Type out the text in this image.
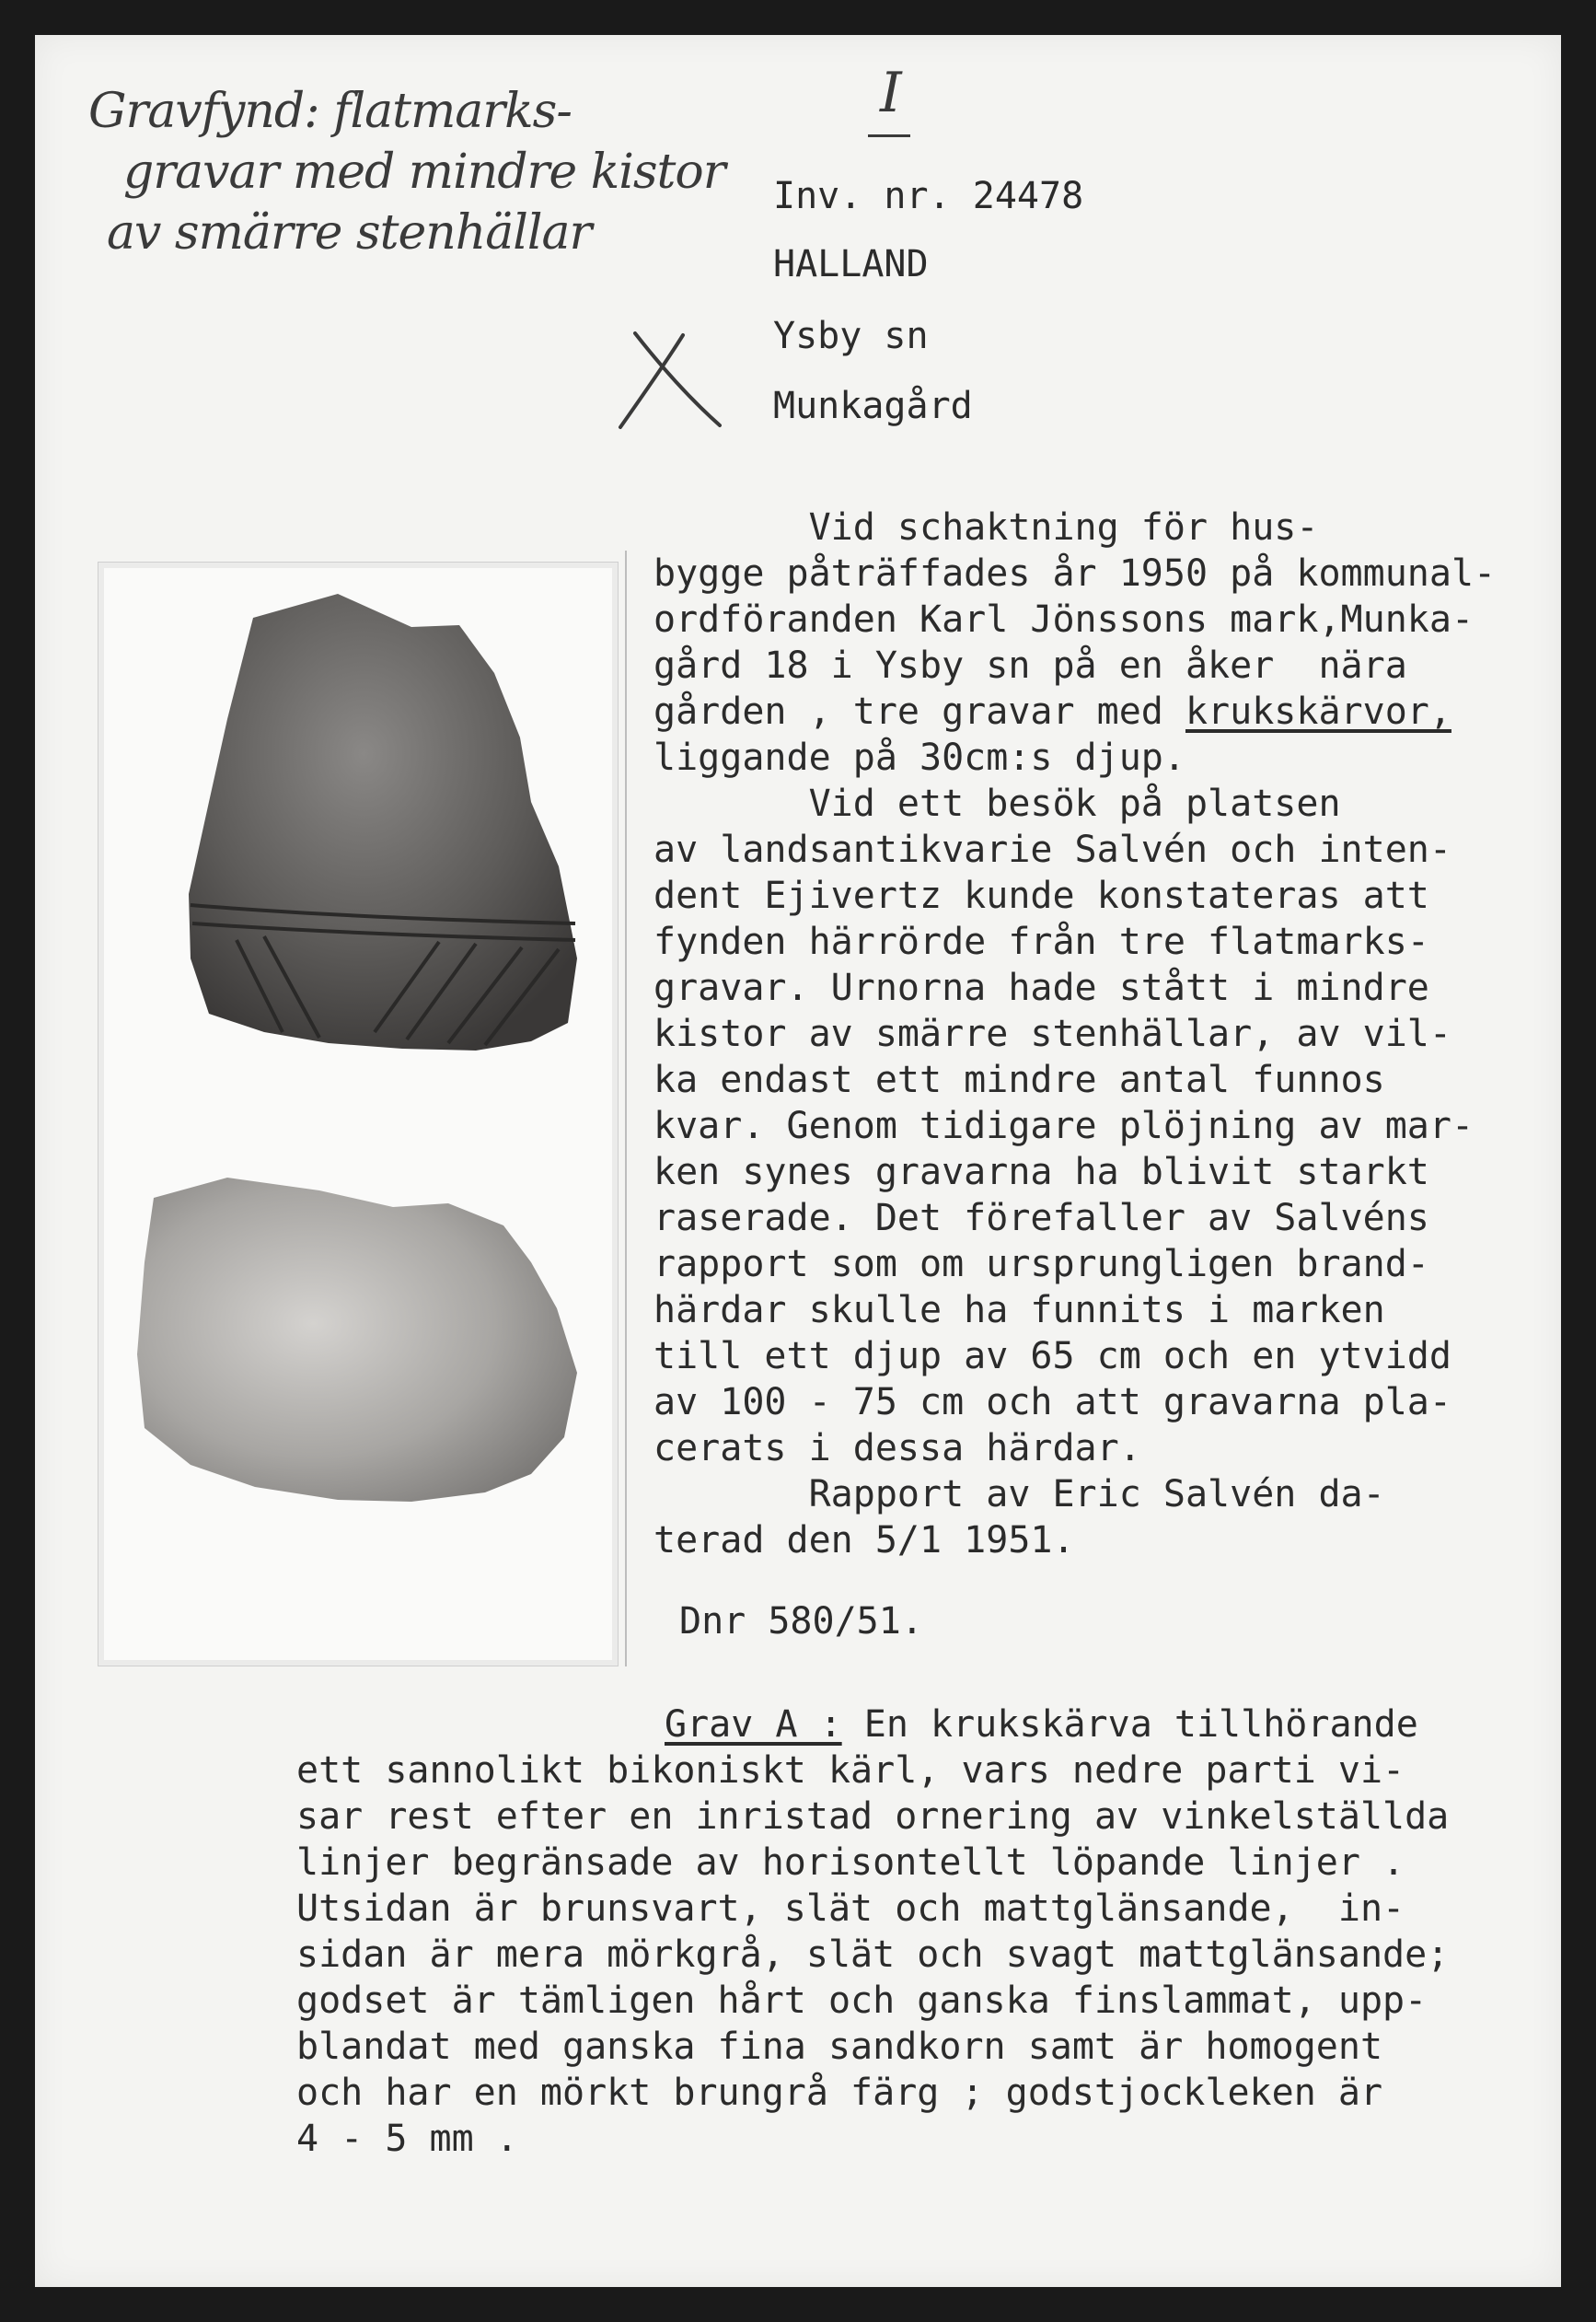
Gravfynd: flatmarks-
gravar med mindre kistor
av smärre stenhällar
I
Inv. nr. 24478
HALLAND
Ysby sn
Munkagård
Vid schaktning för hus-
bygge påträffades år 1950 på kommunal-
ordföranden Karl Jönssons mark,Munka-
gård 18 i Ysby sn på en åker  nära
gården , tre gravar med krukskärvor,
liggande på 30cm:s djup.
Vid ett besök på platsen
av landsantikvarie Salvén och inten-
dent Ejivertz kunde konstateras att
fynden härrörde från tre flatmarks-
gravar. Urnorna hade stått i mindre
kistor av smärre stenhällar, av vil-
ka endast ett mindre antal funnos
kvar. Genom tidigare plöjning av mar-
ken synes gravarna ha blivit starkt
raserade. Det förefaller av Salvéns
rapport som om ursprungligen brand-
härdar skulle ha funnits i marken
till ett djup av 65 cm och en ytvidd
av 100 - 75 cm och att gravarna pla-
cerats i dessa härdar.
Rapport av Eric Salvén da-
terad den 5/1 1951.
Dnr 580/51.
Grav A : En krukskärva tillhörande
ett sannolikt bikoniskt kärl, vars nedre parti vi-
sar rest efter en inristad ornering av vinkelställda
linjer begränsade av horisontellt löpande linjer .
Utsidan är brunsvart, slät och mattglänsande,  in-
sidan är mera mörkgrå, slät och svagt mattglänsande;
godset är tämligen hårt och ganska finslammat, upp-
blandat med ganska fina sandkorn samt är homogent
och har en mörkt brungrå färg ; godstjockleken är
4 - 5 mm .
